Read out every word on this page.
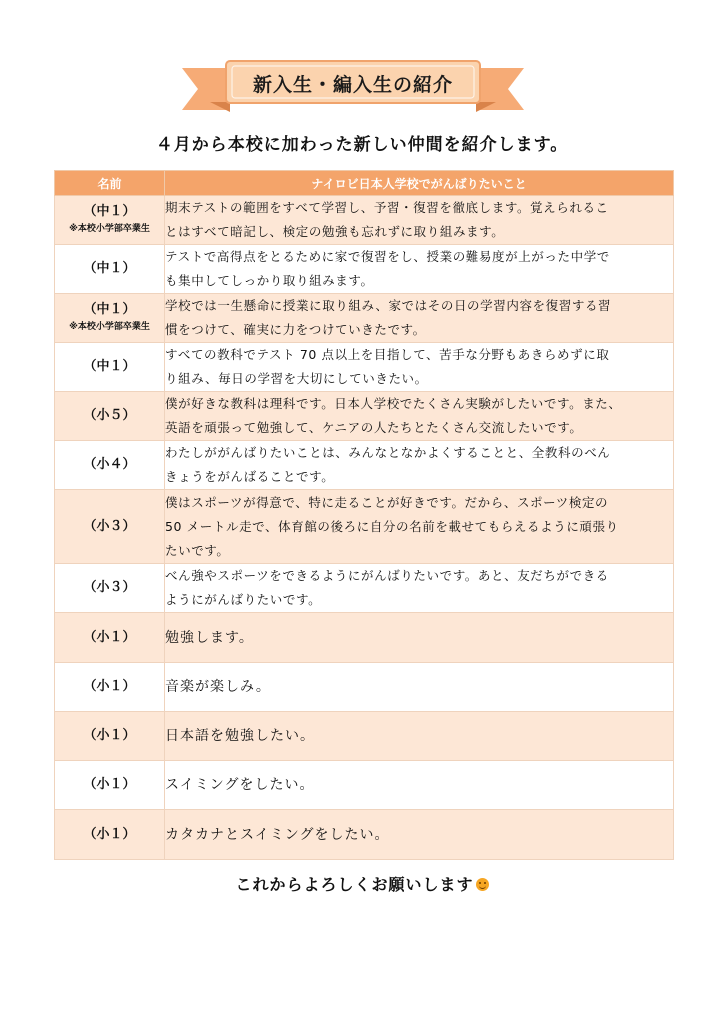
新入生・編入生の紹介
４月から本校に加わった新しい仲間を紹介します。
名前	ナイロビ日本人学校でがんばりたいこと

（中１）
※本校小学部卒業生	期末テストの範囲をすべて学習し、予習・復習を徹底します。覚えられるこ
とはすべて暗記し、検定の勉強も忘れずに取り組みます。

（中１）	テストで高得点をとるために家で復習をし、授業の難易度が上がった中学で
も集中してしっかり取り組みます。

（中１）
※本校小学部卒業生	学校では一生懸命に授業に取り組み、家ではその日の学習内容を復習する習
慣をつけて、確実に力をつけていきたです。

（中１）	すべての教科でテスト 70 点以上を目指して、苦手な分野もあきらめずに取
り組み、毎日の学習を大切にしていきたい。

（小５）	僕が好きな教科は理科です。日本人学校でたくさん実験がしたいです。また、
英語を頑張って勉強して、ケニアの人たちとたくさん交流したいです。

（小４）	わたしががんばりたいことは、みんなとなかよくすることと、全教科のべん
きょうをがんばることです。

（小３）	僕はスポーツが得意で、特に走ることが好きです。だから、スポーツ検定の
50 メートル走で、体育館の後ろに自分の名前を載せてもらえるように頑張り
たいです。

（小３）	べん強やスポーツをできるようにがんばりたいです。あと、友だちができる
ようにがんばりたいです。

（小１）	勉強します。

（小１）	音楽が楽しみ。

（小１）	日本語を勉強したい。

（小１）	スイミングをしたい。

（小１）	カタカナとスイミングをしたい。
これからよろしくお願いします
